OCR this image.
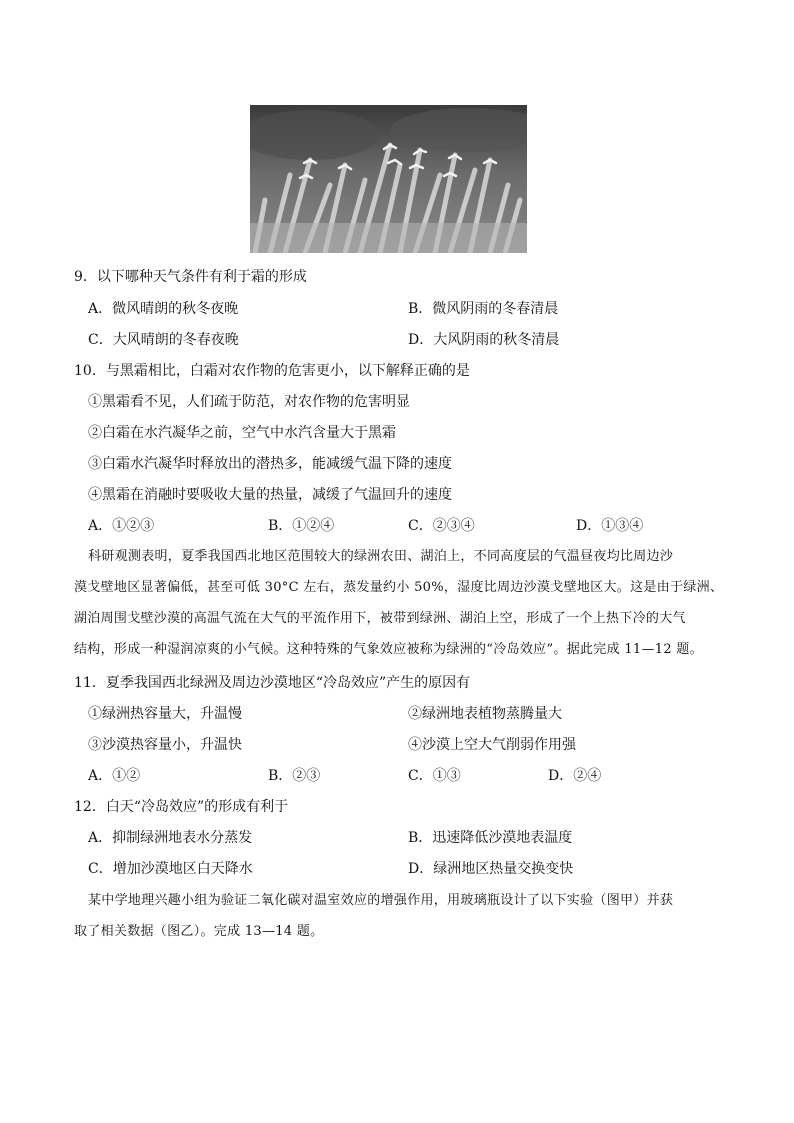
9．以下哪种天气条件有利于霜的形成
A．微风晴朗的秋冬夜晚	B．微风阴雨的冬春清晨
C．大风晴朗的冬春夜晚	D．大风阴雨的秋冬清晨
10．与黑霜相比，白霜对农作物的危害更小，以下解释正确的是
①黑霜看不见，人们疏于防范，对农作物的危害明显
②白霜在水汽凝华之前，空气中水汽含量大于黑霜
③白霜水汽凝华时释放出的潜热多，能减缓气温下降的速度
④黑霜在消融时要吸收大量的热量，减缓了气温回升的速度
A．①②③	B．①②④	C．②③④	D．①③④
科研观测表明，夏季我国西北地区范围较大的绿洲农田、湖泊上，不同高度层的气温昼夜均比周边沙
漠戈壁地区显著偏低，甚至可低 30°C 左右，蒸发量约小 50%，湿度比周边沙漠戈壁地区大。这是由于绿洲、
湖泊周围戈壁沙漠的高温气流在大气的平流作用下，被带到绿洲、湖泊上空，形成了一个上热下冷的大气
结构，形成一种湿润凉爽的小气候。这种特殊的气象效应被称为绿洲的“冷岛效应”。据此完成 11—12 题。
11．夏季我国西北绿洲及周边沙漠地区“冷岛效应”产生的原因有
①绿洲热容量大，升温慢	②绿洲地表植物蒸腾量大
③沙漠热容量小，升温快	④沙漠上空大气削弱作用强
A．①②	B．②③	C．①③	D．②④
12．白天“冷岛效应”的形成有利于
A．抑制绿洲地表水分蒸发	B．迅速降低沙漠地表温度
C．增加沙漠地区白天降水	D．绿洲地区热量交换变快
某中学地理兴趣小组为验证二氧化碳对温室效应的增强作用，用玻璃瓶设计了以下实验（图甲）并获
取了相关数据（图乙）。完成 13—14 题。
